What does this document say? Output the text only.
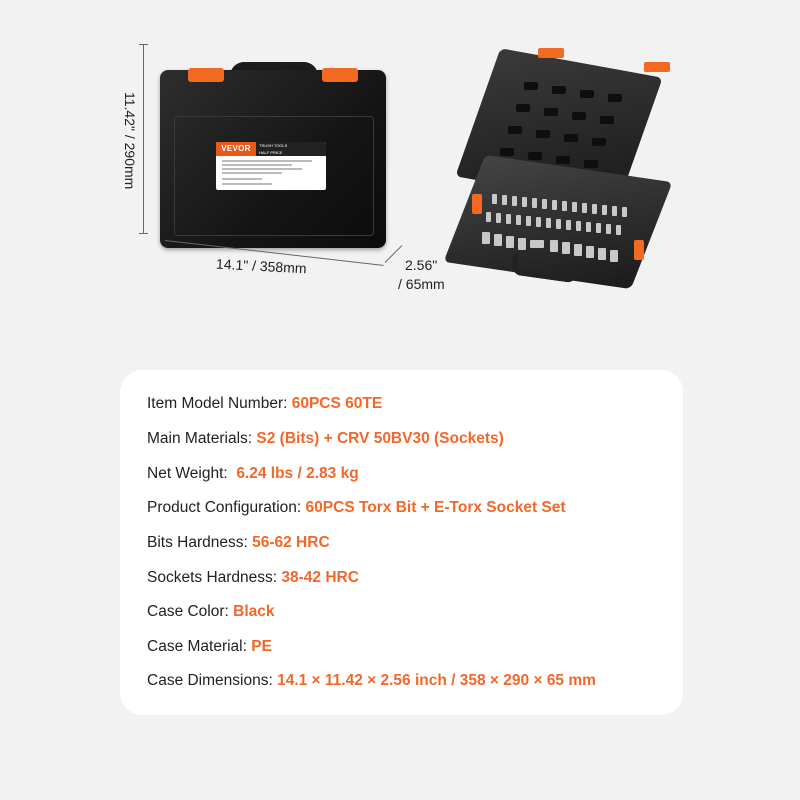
VEVOR	TRUSH TOOLS
HALF PRICE
11.42" / 290mm
14.1" / 358mm	2.56"
/ 65mm
Item Model Number: 60PCS 60TE
Main Materials: S2 (Bits) + CRV 50BV30 (Sockets)
Net Weight:  6.24 lbs / 2.83 kg
Product Configuration: 60PCS Torx Bit + E-Torx Socket Set
Bits Hardness: 56-62 HRC
Sockets Hardness: 38-42 HRC
Case Color: Black
Case Material: PE
Case Dimensions: 14.1 × 11.42 × 2.56 inch / 358 × 290 × 65 mm
